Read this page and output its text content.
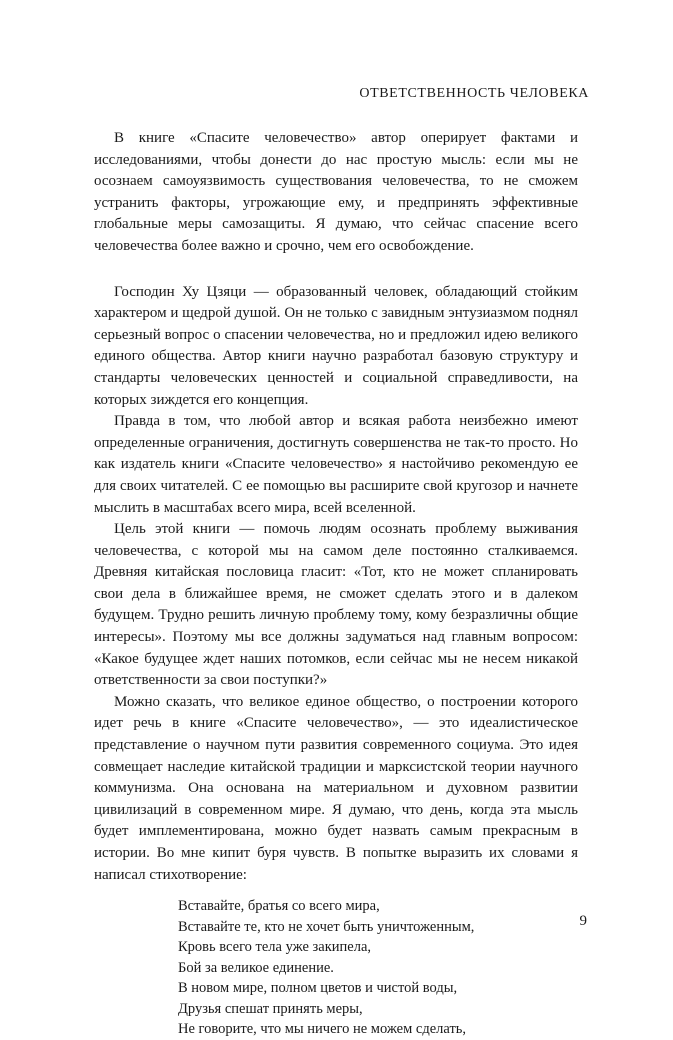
ОТВЕТСТВЕННОСТЬ ЧЕЛОВЕКА

В книге «Спасите человечество» автор оперирует фактами и исследованиями, чтобы донести до нас простую мысль: если мы не осознаем самоуязвимость существования человечества, то не сможем устранить факторы, угрожающие ему, и предпринять эффективные глобальные меры самозащиты. Я думаю, что сейчас спасение всего человечества более важно и срочно, чем его освобождение.

Господин Ху Цзяци — образованный человек, обладающий стойким характером и щедрой душой. Он не только с завидным энтузиазмом поднял серьезный вопрос о спасении человечества, но и предложил идею великого единого общества. Автор книги научно разработал базовую структуру и стандарты человеческих ценностей и социальной справедливости, на которых зиждется его концепция.

Правда в том, что любой автор и всякая работа неизбежно имеют определенные ограничения, достигнуть совершенства не так-то просто. Но как издатель книги «Спасите человечество» я настойчиво рекомендую ее для своих читателей. С ее помощью вы расширите свой кругозор и начнете мыслить в масштабах всего мира, всей вселенной.

Цель этой книги — помочь людям осознать проблему выживания человечества, с которой мы на самом деле постоянно сталкиваемся. Древняя китайская пословица гласит: «Тот, кто не может спланировать свои дела в ближайшее время, не сможет сделать этого и в далеком будущем. Трудно решить личную проблему тому, кому безразличны общие интересы». Поэтому мы все должны задуматься над главным вопросом: «Какое будущее ждет наших потомков, если сейчас мы не несем никакой ответственности за свои поступки?»

Можно сказать, что великое единое общество, о построении которого идет речь в книге «Спасите человечество», — это идеалистическое представление о научном пути развития современного социума. Это идея совмещает наследие китайской традиции и марксистской теории научного коммунизма. Она основана на материальном и духовном развитии цивилизаций в современном мире. Я думаю, что день, когда эта мысль будет имплементирована, можно будет назвать самым прекрасным в истории. Во мне кипит буря чувств. В попытке выразить их словами я написал стихотворение:

Вставайте, братья со всего мира,
Вставайте те, кто не хочет быть уничтоженным,
Кровь всего тела уже закипела,
Бой за великое единение.
В новом мире, полном цветов и чистой воды,
Друзья спешат принять меры,
Не говорите, что мы ничего не можем сделать,
9
